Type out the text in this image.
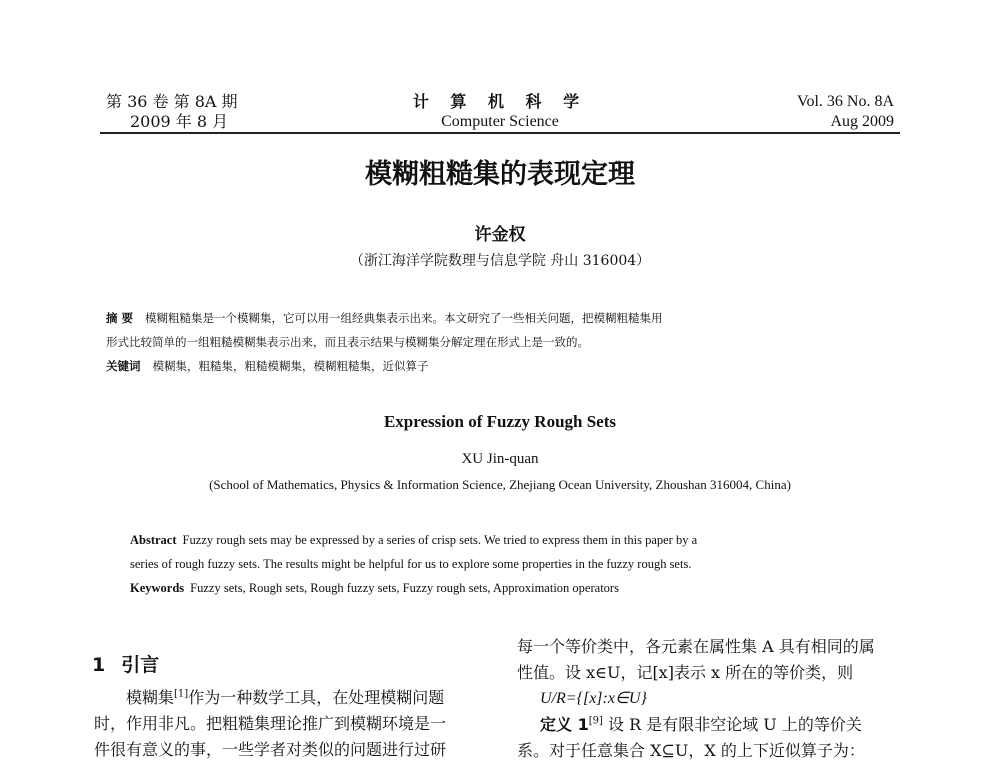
第 36 卷 第 8A 期
2009 年 8 月
计 算 机 科 学
Computer Science
Vol. 36 No. 8A
Aug 2009
模糊粗糙集的表现定理
许金权
（浙江海洋学院数理与信息学院 舟山 316004）
摘 要 模糊粗糙集是一个模糊集，它可以用一组经典集表示出来。本文研究了一些相关问题，把模糊粗糙集用
形式比较简单的一组粗糙模糊集表示出来，而且表示结果与模糊集分解定理在形式上是一致的。
关键词 模糊集，粗糙集，粗糙模糊集，模糊粗糙集，近似算子
Expression of Fuzzy Rough Sets
XU Jin-quan
(School of Mathematics, Physics & Information Science, Zhejiang Ocean University, Zhoushan 316004, China)
Abstract Fuzzy rough sets may be expressed by a series of crisp sets. We tried to express them in this paper by a
series of rough fuzzy sets. The results might be helpful for us to explore some properties in the fuzzy rough sets.
Keywords Fuzzy sets, Rough sets, Rough fuzzy sets, Fuzzy rough sets, Approximation operators
1 引言
模糊集[1]作为一种数学工具，在处理模糊问题
时，作用非凡。把粗糙集理论推广到模糊环境是一
件很有意义的事，一些学者对类似的问题进行过研
每一个等价类中，各元素在属性集 A 具有相同的属
性值。设 x∈U，记[x]表示 x 所在的等价类，则
U/R={[x]:x∈U}
定义 1[9] 设 R 是有限非空论域 U 上的等价关
系。对于任意集合 X⊆U，X 的上下近似算子为：
